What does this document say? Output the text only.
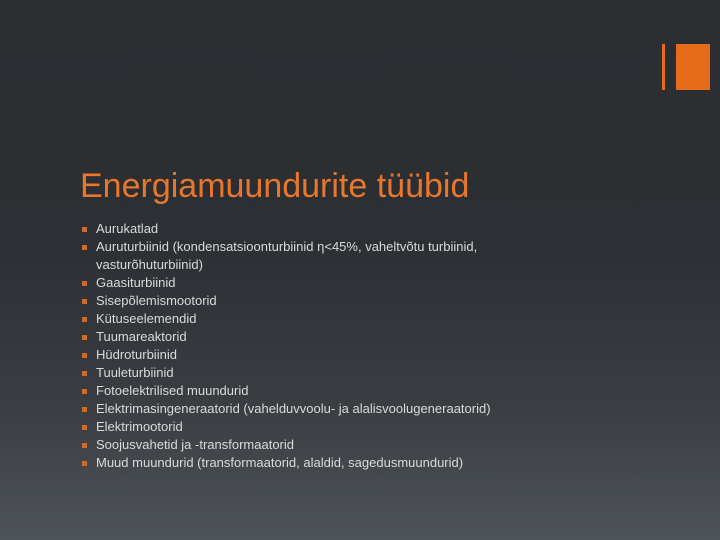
Energiamuundurite tüübid
Aurukatlad
Auruturbiinid (kondensatsioonturbiinid η<45%, vaheltvõtu turbiinid, vasturõhuturbiinid)
Gaasiturbiinid
Sisepõlemismootorid
Kütuseelemendid
Tuumareaktorid
Hüdroturbiinid
Tuuleturbiinid
Fotoelektrilised muundurid
Elektrimasingeneraatorid (vahelduvvoolu- ja alalisvoolugeneraatorid)
Elektrimootorid
Soojusvahetid ja -transformaatorid
Muud muundurid (transformaatorid, alaldid, sagedusmuundurid)
